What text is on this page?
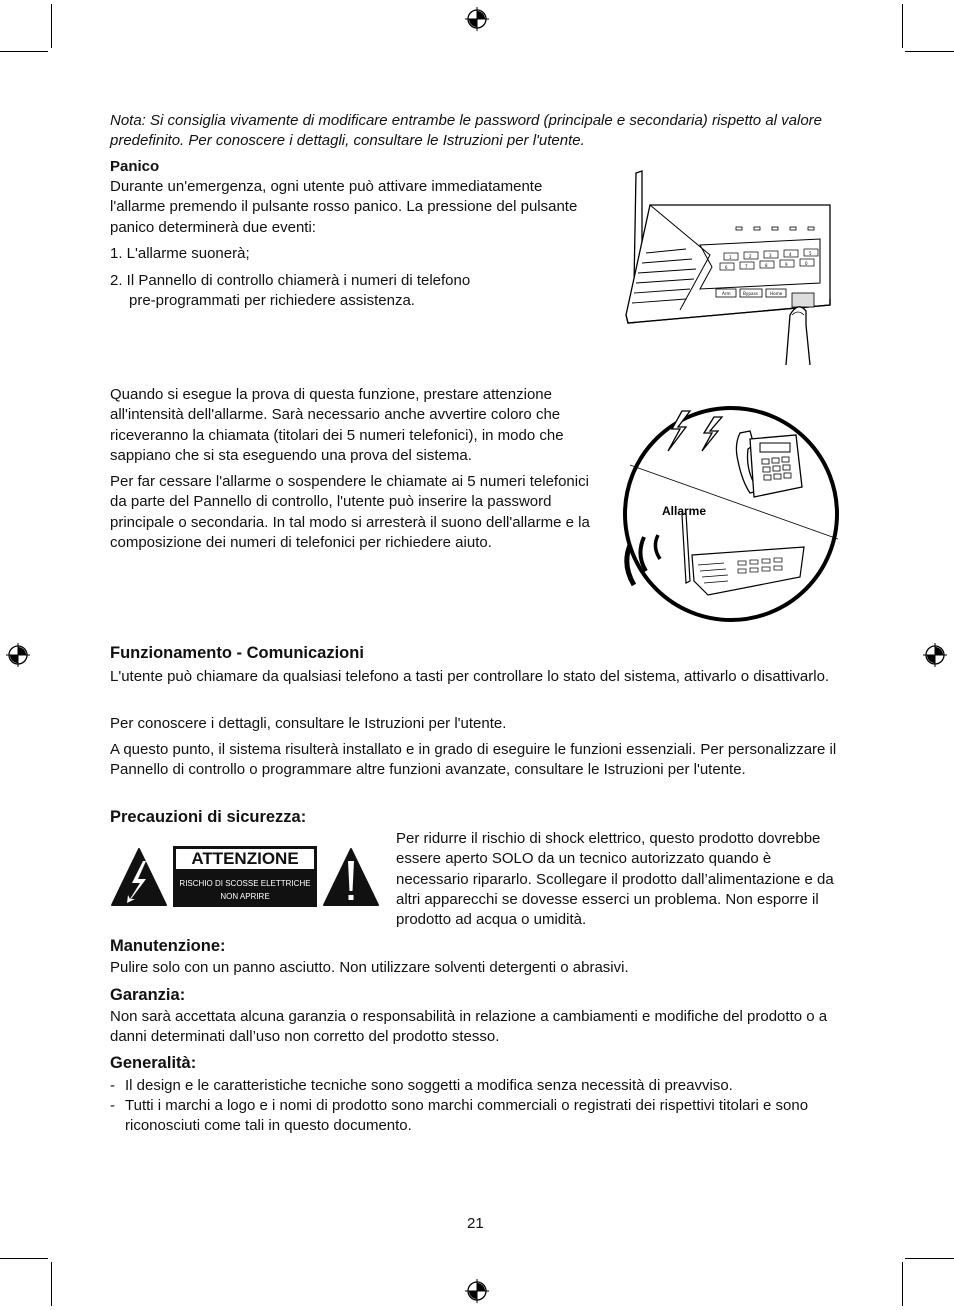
Nota: Si consiglia vivamente di modificare entrambe le password (principale e secondaria) rispetto al valore predefinito. Per conoscere i dettagli, consultare le Istruzioni per l'utente.

Panico

Durante un'emergenza, ogni utente può attivare immediatamente l'allarme premendo il pulsante rosso panico. La pressione del pulsante panico determinerà due eventi:

1. L'allarme suonerà;

2. Il Pannello di controllo chiamerà i numeri di telefono

pre-programmati per richiedere assistenza.

1	2	3	4	5
6	7	8	9	0
Arm	Bypass	Home

Quando si esegue la prova di questa funzione, prestare attenzione all'intensità dell'allarme. Sarà necessario anche avvertire coloro che riceveranno la chiamata (titolari dei 5 numeri telefonici), in modo che sappiano che si sta eseguendo una prova del sistema.

Per far cessare l'allarme o sospendere le chiamate ai 5 numeri telefonici da parte del Pannello di controllo, l'utente può inserire la password principale o secondaria. In tal modo si arresterà il suono dell'allarme e la composizione dei numeri di telefonici per richiedere aiuto.

Allarme

Funzionamento - Comunicazioni

L'utente può chiamare da qualsiasi telefono a tasti per controllare lo stato del sistema, attivarlo o disattivarlo.

Per conoscere i dettagli, consultare le Istruzioni per l'utente.

A questo punto, il sistema risulterà installato e in grado di eseguire le funzioni essenziali. Per personalizzare il Pannello di controllo o programmare altre funzioni avanzate, consultare le Istruzioni per l'utente.

Precauzioni di sicurezza:

ATTENZIONE
RISCHIO DI SCOSSE ELETTRICHE
NON APRIRE

Per ridurre il rischio di shock elettrico, questo prodotto dovrebbe essere aperto SOLO da un tecnico autorizzato quando è necessario ripararlo. Scollegare il prodotto dall’alimentazione e da altri apparecchi se dovesse esserci un problema. Non esporre il prodotto ad acqua o umidità.

Manutenzione:

Pulire solo con un panno asciutto. Non utilizzare solventi detergenti o abrasivi.

Garanzia:

Non sarà accettata alcuna garanzia o responsabilità in relazione a cambiamenti e modifiche del prodotto o a danni determinati dall’uso non corretto del prodotto stesso.

Generalità:

- Il design e le caratteristiche tecniche sono soggetti a modifica senza necessità di preavviso.

- Tutti i marchi a logo e i nomi di prodotto sono marchi commerciali o registrati dei rispettivi titolari e sono riconosciuti come tali in questo documento.

21
